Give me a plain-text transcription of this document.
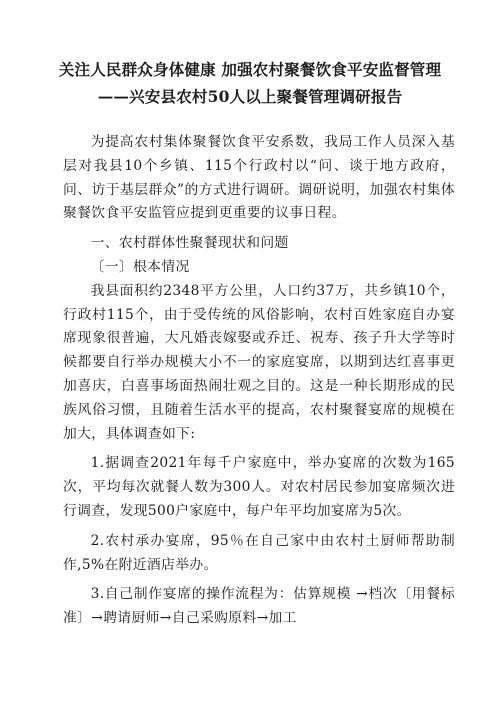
关注人民群众身体健康 加强农村聚餐饮食平安监督管理
——兴安县农村50人以上聚餐管理调研报告

为提高农村集体聚餐饮食平安系数，我局工作人员深入基层对我县10个乡镇、115个行政村以“问、谈于地方政府，问、访于基层群众”的方式进行调研。调研说明，加强农村集体聚餐饮食平安监管应提到更重要的议事日程。

一、农村群体性聚餐现状和问题

〔一〕根本情况

我县面积约2348平方公里，人口约37万，共乡镇10个，行政村115个，由于受传统的风俗影响，农村百姓家庭自办宴席现象很普遍，大凡婚丧嫁娶或乔迁、祝寿、孩子升大学等时候都要自行举办规模大小不一的家庭宴席，以期到达红喜事更加喜庆，白喜事场面热闹壮观之目的。这是一种长期形成的民族风俗习惯，且随着生活水平的提高，农村聚餐宴席的规模在加大，具体调查如下:

1.据调查2021年每千户家庭中，举办宴席的次数为165次，平均每次就餐人数为300人。对农村居民参加宴席频次进行调查，发现500户家庭中，每户年平均加宴席为5次。

2.农村承办宴席，95％在自己家中由农村土厨师帮助制作,5%在附近酒店举办。

3.自己制作宴席的操作流程为：估算规模 →档次〔用餐标准〕→聘请厨师→自己采购原料→加工
